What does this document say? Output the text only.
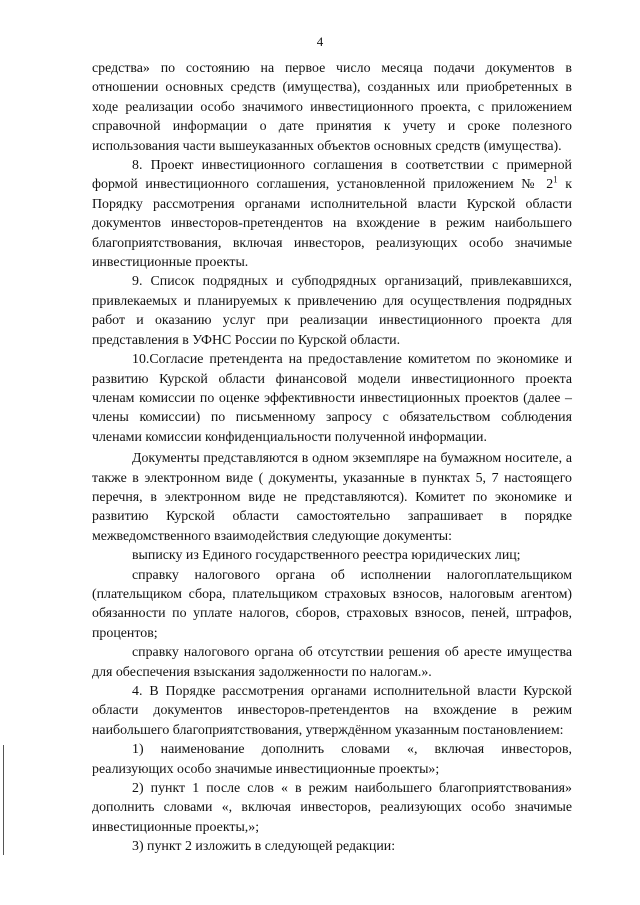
4

средства» по состоянию на первое число месяца подачи документов в отношении основных средств (имущества), созданных или приобретенных в ходе реализации особо значимого инвестиционного проекта, с приложением справочной информации о дате принятия к учету и сроке полезного использования части вышеуказанных объектов основных средств (имущества).

8. Проект инвестиционного соглашения в соответствии с примерной формой инвестиционного соглашения, установленной приложением № $2^1$ к Порядку рассмотрения органами исполнительной власти Курской области документов инвесторов-претендентов на вхождение в режим наибольшего благоприятствования, включая инвесторов, реализующих особо значимые инвестиционные проекты.

9. Список подрядных и субподрядных организаций, привлекавшихся, привлекаемых и планируемых к привлечению для осуществления подрядных работ и оказанию услуг при реализации инвестиционного проекта для представления в УФНС России по Курской области.

10.Согласие претендента на предоставление комитетом по экономике и развитию Курской области финансовой модели инвестиционного проекта членам комиссии по оценке эффективности инвестиционных проектов (далее – члены комиссии) по письменному запросу с обязательством соблюдения членами комиссии конфиденциальности полученной информации.

Документы представляются в одном экземпляре на бумажном носителе, а также в электронном виде ( документы, указанные в пунктах 5, 7 настоящего перечня, в электронном виде не представляются). Комитет по экономике и развитию Курской области самостоятельно запрашивает в порядке межведомственного взаимодействия следующие документы:

выписку из Единого государственного реестра юридических лиц;

справку налогового органа об исполнении налогоплательщиком (плательщиком сбора, плательщиком страховых взносов, налоговым агентом) обязанности по уплате налогов, сборов, страховых взносов, пеней, штрафов, процентов;

справку налогового органа об отсутствии решения об аресте имущества для обеспечения взыскания задолженности по налогам.».

4. В Порядке рассмотрения органами исполнительной власти Курской области документов инвесторов-претендентов на вхождение в режим наибольшего благоприятствования, утверждённом указанным постановлением:

1) наименование дополнить словами «, включая инвесторов, реализующих особо значимые инвестиционные проекты»;

2) пункт 1 после слов « в режим наибольшего благоприятствования» дополнить словами «, включая инвесторов, реализующих особо значимые инвестиционные проекты,»;

3) пункт 2 изложить в следующей редакции:
